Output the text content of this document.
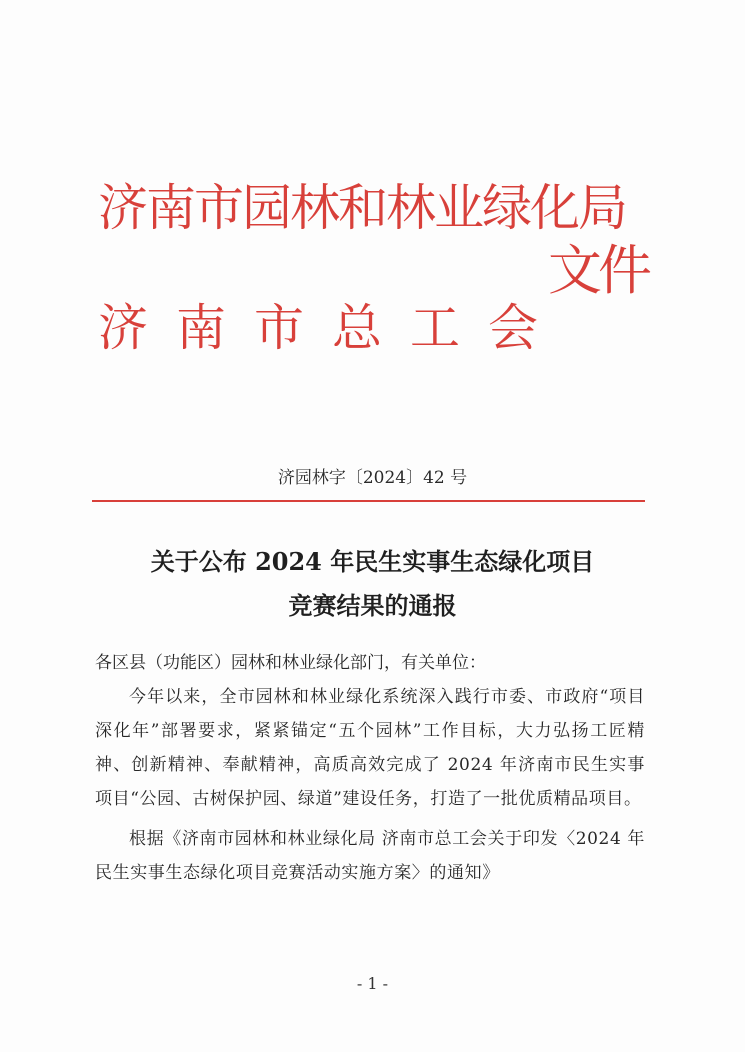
济南市园林和林业绿化局
济 南 市 总 工 会
文件
济园林字〔2024〕42 号
关于公布 2024 年民生实事生态绿化项目
竞赛结果的通报

各区县（功能区）园林和林业绿化部门，有关单位：

今年以来，全市园林和林业绿化系统深入践行市委、市政府“项目深化年”部署要求，紧紧锚定“五个园林”工作目标，大力弘扬工匠精神、创新精神、奉献精神，高质高效完成了 2024 年济南市民生实事项目“公园、古树保护园、绿道”建设任务，打造了一批优质精品项目。

根据《济南市园林和林业绿化局 济南市总工会关于印发〈2024 年民生实事生态绿化项目竞赛活动实施方案〉的通知》

- 1 -
